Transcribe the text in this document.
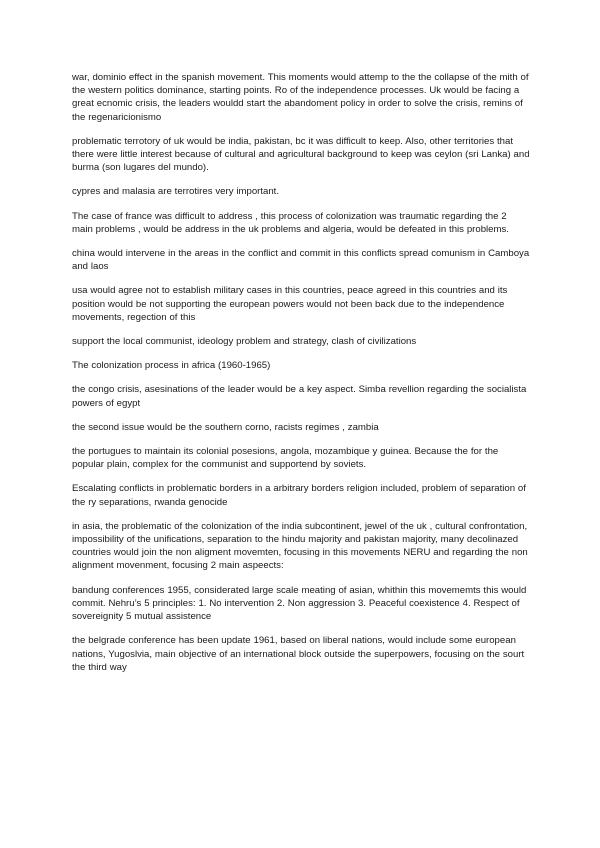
war, dominio effect in the spanish movement. This moments would attemp to the the collapse of the mith of the western politics dominance, starting points. Ro of the independence processes. Uk would be facing a great ecnomic crisis, the leaders wouldd start the abandoment policy in order to solve the crisis, remins of the regenaricionismo

problematic terrotory of uk would be india, pakistan, bc it was difficult to keep. Also, other territories that there were little interest because of cultural and agricultural background to keep was ceylon (sri Lanka) and burma (son lugares del mundo).

cypres and malasia are terrotires very important.

The case of france was difficult to address , this process of colonization was traumatic regarding the 2 main problems , would be address in the uk problems and algeria, would be defeated in this problems.

china would intervene in the areas in the conflict and commit in this conflicts spread comunism in Camboya and laos

usa would agree not to establish military cases in this countries, peace agreed in this countries and its position would be not supporting the european powers would not been back due to the independence movements, regection of this

support the local communist, ideology problem and strategy, clash of civilizations

The colonization process in africa (1960-1965)

the congo crisis, asesinations of the leader would be a key aspect. Simba revellion regarding the socialista powers of egypt

the second issue would be the southern corno, racists regimes , zambia

the portugues to maintain its colonial posesions, angola, mozambique y guinea. Because the for the popular plain, complex for the communist and supportend by soviets.

Escalating conflicts in problematic borders in a arbitrary borders religion included, problem of separation of the ry separations, rwanda genocide

in asia, the problematic of the colonization of the india subcontinent, jewel of the uk , cultural confrontation, impossibility of the unifications, separation to the hindu majority and pakistan majority, many decolinazed countries would join the non aligment movemten, focusing in this movements NERU and regarding the non alignment movenment, focusing 2 main aspeects:

bandung conferences 1955, considerated large scale meating of asian, whithin this movememts this would commit. Nehru’s 5 principles: 1. No intervention 2. Non aggression 3. Peaceful coexistence 4. Respect of sovereignity 5 mutual assistence

the belgrade conference has been update 1961, based on liberal nations, would include some european nations, Yugoslvia, main objective of an international block outside the superpowers, focusing on the sourt the third way
